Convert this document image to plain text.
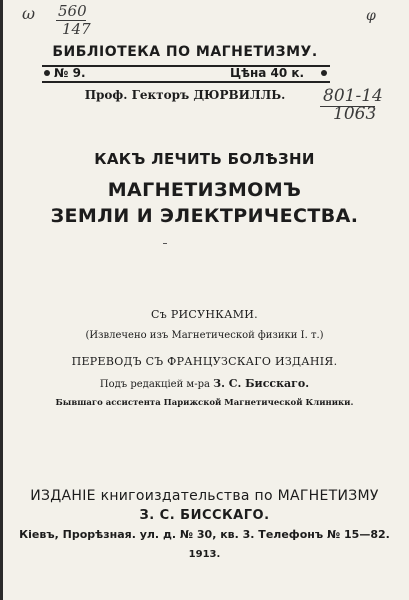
ω 560
147
φ
801-14
1063
БИБЛІОТЕКА ПО МАГНЕТИЗМУ.
№ 9.	Цѣна 40 к.
Проф. Гекторъ ДЮРВИЛЛЬ.
КАКЪ ЛЕЧИТЬ БОЛѢЗНИ
МАГНЕТИЗМОМЪ
ЗЕМЛИ И ЭЛЕКТРИЧЕСТВА.
Съ РИСУНКАМИ.
(Извлечено изъ Магнетической физики I. т.)
ПЕРЕВОДЪ СЪ ФРАНЦУЗСКАГО ИЗДАНІЯ.
Подъ редакціей м-ра З. С. Бисскаго.
Бывшаго ассистента Парижской Магнетической Клиники.
ИЗДАНІЕ книгоиздательства по МАГНЕТИЗМУ
З. С. БИССКАГО.
Кіевъ, Прорѣзная. ул. д. № 30, кв. 3. Телефонъ № 15—82.
1913.
